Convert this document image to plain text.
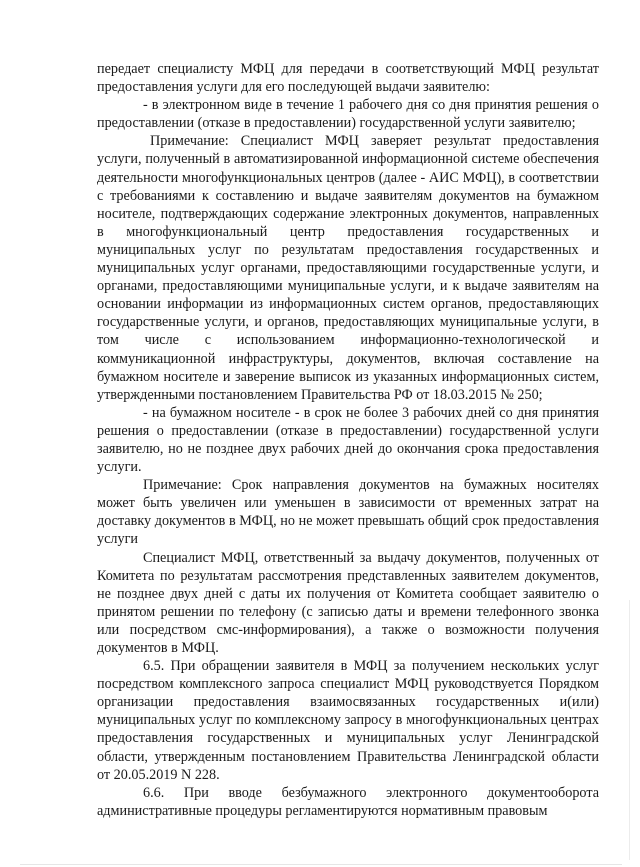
передает специалисту МФЦ для передачи в соответствующий МФЦ результат предоставления услуги для его последующей выдачи заявителю:

- в электронном виде в течение 1 рабочего дня со дня принятия решения о предоставлении (отказе в предоставлении) государственной услуги заявителю;

Примечание: Специалист МФЦ заверяет результат предоставления услуги, полученный в автоматизированной информационной системе обеспечения деятельности многофункциональных центров (далее - АИС МФЦ), в соответствии с требованиями к составлению и выдаче заявителям документов на бумажном носителе, подтверждающих содержание электронных документов, направленных в многофункциональный центр предоставления государственных и муниципальных услуг по результатам предоставления государственных и муниципальных услуг органами, предоставляющими государственные услуги, и органами, предоставляющими муниципальные услуги, и к выдаче заявителям на основании информации из информационных систем органов, предоставляющих государственные услуги, и органов, предоставляющих муниципальные услуги, в том числе с использованием информационно-технологической и коммуникационной инфраструктуры, документов, включая составление на бумажном носителе и заверение выписок из указанных информационных систем, утвержденными постановлением Правительства РФ от 18.03.2015 № 250;

- на бумажном носителе - в срок не более 3 рабочих дней со дня принятия решения о предоставлении (отказе в предоставлении) государственной услуги заявителю, но не позднее двух рабочих дней до окончания срока предоставления услуги.

Примечание: Срок направления документов на бумажных носителях может быть увеличен или уменьшен в зависимости от временных затрат на доставку документов в МФЦ, но не может превышать общий срок предоставления услуги

Специалист МФЦ, ответственный за выдачу документов, полученных от Комитета по результатам рассмотрения представленных заявителем документов, не позднее двух дней с даты их получения от Комитета сообщает заявителю о принятом решении по телефону (с записью даты и времени телефонного звонка или посредством смс-информирования), а также о возможности получения документов в МФЦ.

6.5. При обращении заявителя в МФЦ за получением нескольких услуг посредством комплексного запроса специалист МФЦ руководствуется Порядком организации предоставления взаимосвязанных государственных и(или) муниципальных услуг по комплексному запросу в многофункциональных центрах предоставления государственных и муниципальных услуг Ленинградской области, утвержденным постановлением Правительства Ленинградской области от 20.05.2019 N 228.

6.6. При вводе безбумажного электронного документооборота административные процедуры регламентируются нормативным правовым
